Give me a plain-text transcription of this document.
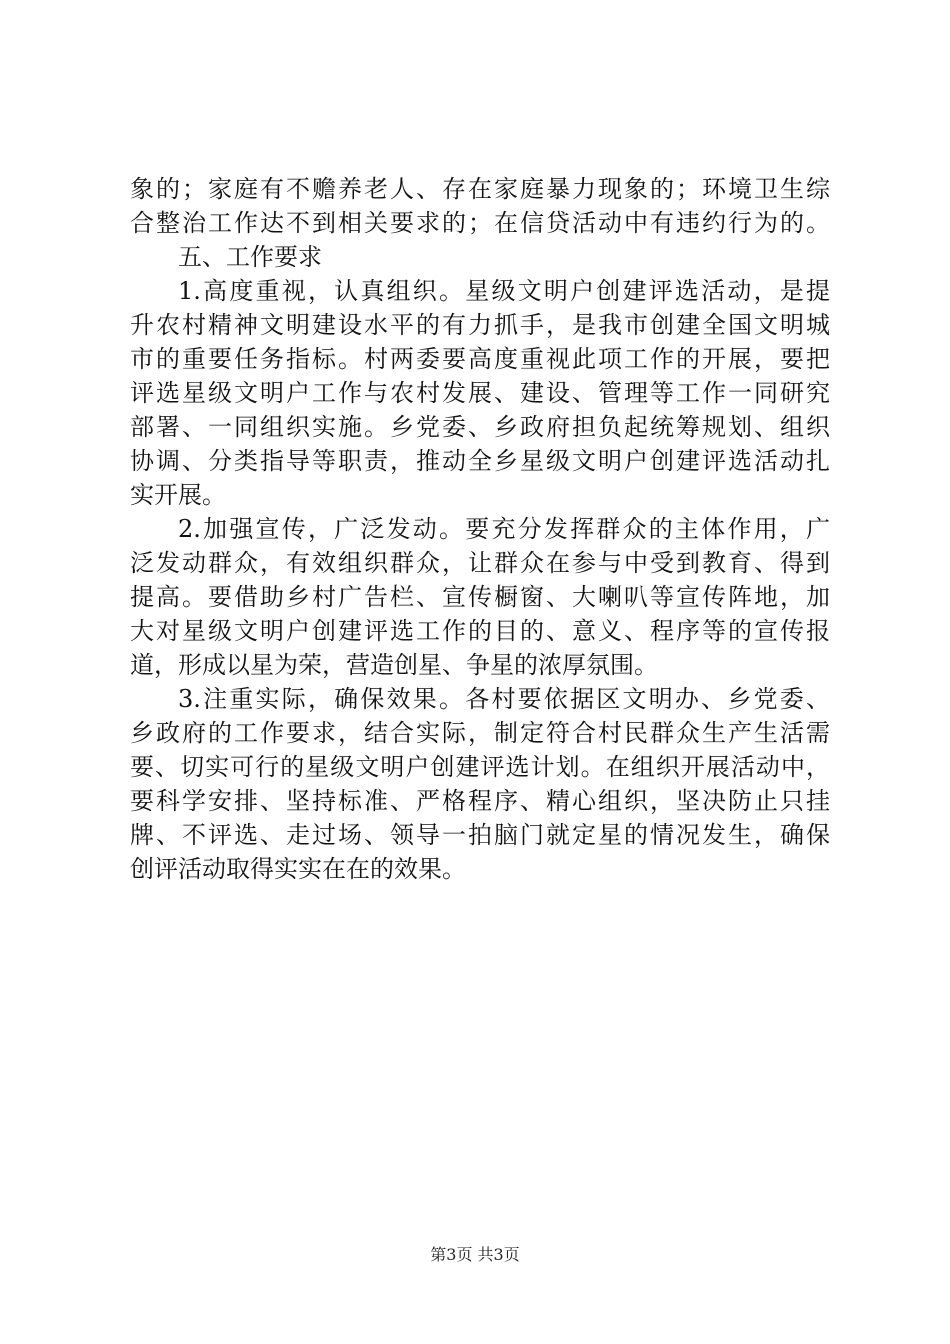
象的；家庭有不赡养老人、存在家庭暴力现象的；环境卫生综
合整治工作达不到相关要求的；在信贷活动中有违约行为的。
五、工作要求
1.高度重视，认真组织。星级文明户创建评选活动，是提
升农村精神文明建设水平的有力抓手，是我市创建全国文明城
市的重要任务指标。村两委要高度重视此项工作的开展，要把
评选星级文明户工作与农村发展、建设、管理等工作一同研究
部署、一同组织实施。乡党委、乡政府担负起统筹规划、组织
协调、分类指导等职责，推动全乡星级文明户创建评选活动扎
实开展。
2.加强宣传，广泛发动。要充分发挥群众的主体作用，广
泛发动群众，有效组织群众，让群众在参与中受到教育、得到
提高。要借助乡村广告栏、宣传橱窗、大喇叭等宣传阵地，加
大对星级文明户创建评选工作的目的、意义、程序等的宣传报
道，形成以星为荣，营造创星、争星的浓厚氛围。
3.注重实际，确保效果。各村要依据区文明办、乡党委、
乡政府的工作要求，结合实际，制定符合村民群众生产生活需
要、切实可行的星级文明户创建评选计划。在组织开展活动中，
要科学安排、坚持标准、严格程序、精心组织，坚决防止只挂
牌、不评选、走过场、领导一拍脑门就定星的情况发生，确保
创评活动取得实实在在的效果。
第3页 共3页
